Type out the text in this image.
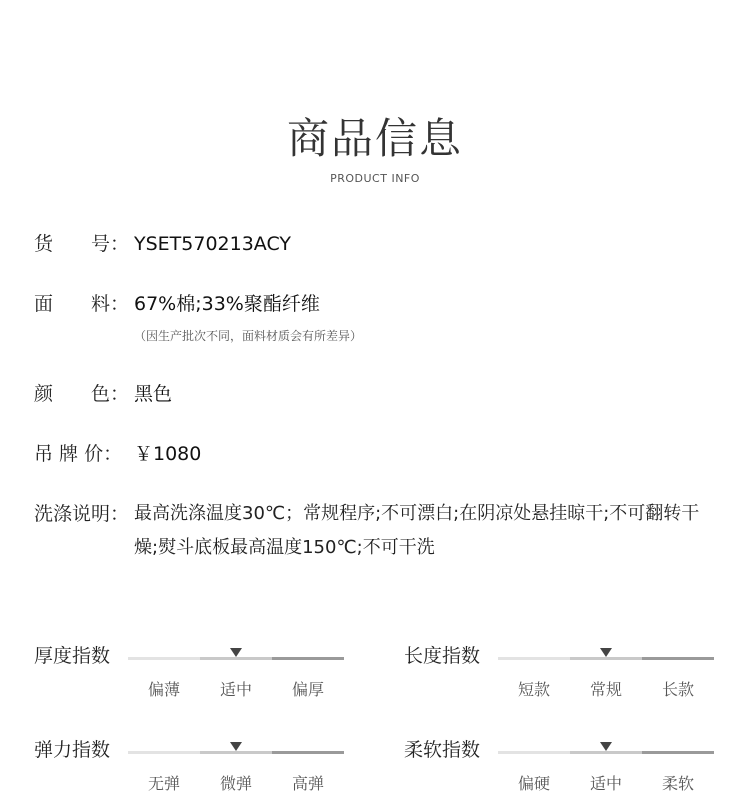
商品信息
PRODUCT INFO
货　　号： YSET570213ACY
面　　料： 67%棉;33%聚酯纤维
（因生产批次不同，面料材质会有所差异）
颜　　色： 黑色
吊 牌 价： ￥1080
洗涤说明： 最高洗涤温度30℃；常规程序;不可漂白;在阴凉处悬挂晾干;不可翻转干燥;熨斗底板最高温度150℃;不可干洗
厚度指数
偏薄	适中	偏厚
长度指数
短款	常规	长款
弹力指数
无弹	微弹	高弹
柔软指数
偏硬	适中	柔软
